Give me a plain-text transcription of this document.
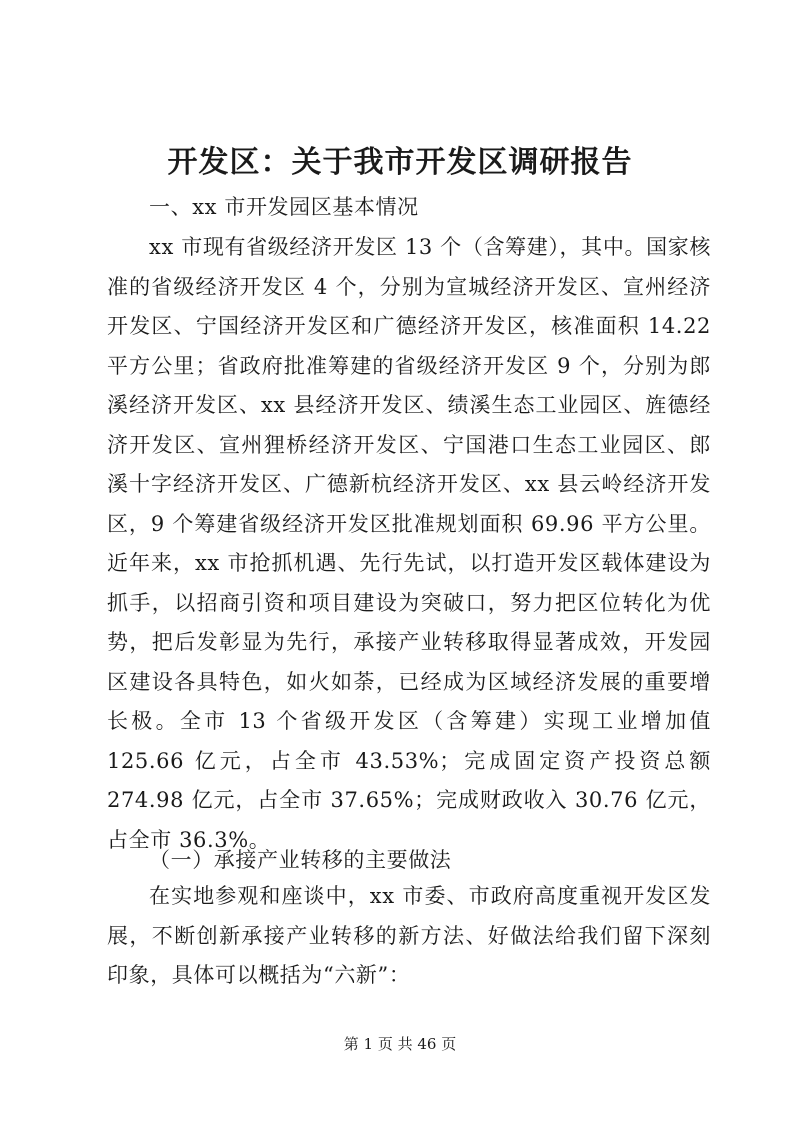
开发区：关于我市开发区调研报告

一、xx 市开发园区基本情况

xx 市现有省级经济开发区 13 个（含筹建），其中。国家核准的省级经济开发区 4 个，分别为宣城经济开发区、宣州经济开发区、宁国经济开发区和广德经济开发区，核准面积 14.22 平方公里；省政府批准筹建的省级经济开发区 9 个，分别为郎溪经济开发区、xx 县经济开发区、绩溪生态工业园区、旌德经济开发区、宣州狸桥经济开发区、宁国港口生态工业园区、郎溪十字经济开发区、广德新杭经济开发区、xx 县云岭经济开发区，9 个筹建省级经济开发区批准规划面积 69.96 平方公里。近年来，xx 市抢抓机遇、先行先试，以打造开发区载体建设为抓手，以招商引资和项目建设为突破口，努力把区位转化为优势，把后发彰显为先行，承接产业转移取得显著成效，开发园区建设各具特色，如火如荼，已经成为区域经济发展的重要增长极。全市 13 个省级开发区（含筹建）实现工业增加值 125.66 亿元，占全市 43.53%；完成固定资产投资总额 274.98 亿元，占全市 37.65%；完成财政收入 30.76 亿元，占全市 36.3%。

（一）承接产业转移的主要做法

在实地参观和座谈中，xx 市委、市政府高度重视开发区发展，不断创新承接产业转移的新方法、好做法给我们留下深刻印象，具体可以概括为“六新”：

第 1 页 共 46 页
